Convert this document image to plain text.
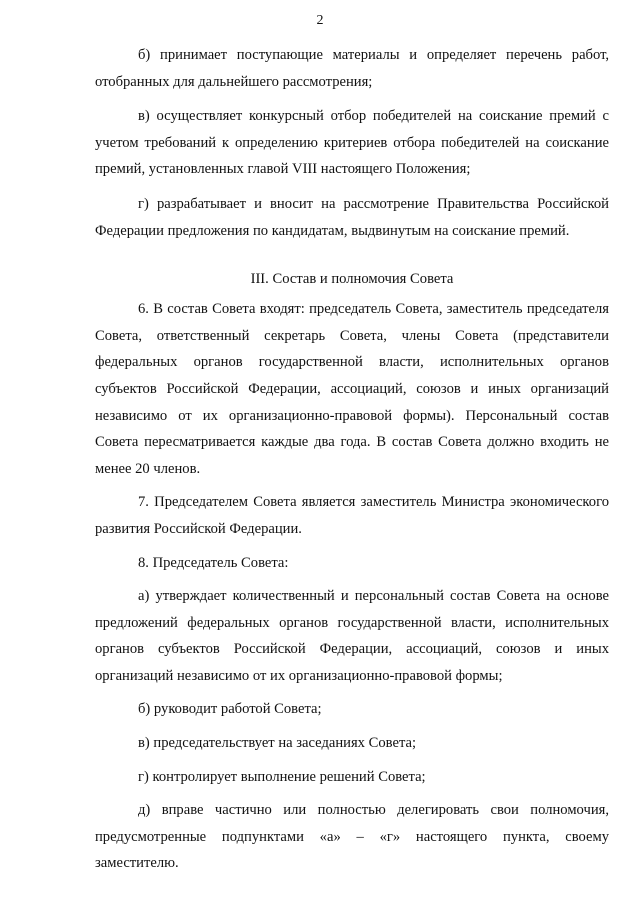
2

б) принимает поступающие материалы и определяет перечень работ, отобранных для дальнейшего рассмотрения;

в) осуществляет конкурсный отбор победителей на соискание премий с учетом требований к определению критериев отбора победителей на соискание премий, установленных главой VIII настоящего Положения;

г) разрабатывает и вносит на рассмотрение Правительства Российской Федерации предложения по кандидатам, выдвинутым на соискание премий.

III. Состав и полномочия Совета

6. В состав Совета входят: председатель Совета, заместитель председателя Совета, ответственный секретарь Совета, члены Совета (представители федеральных органов государственной власти, исполнительных органов субъектов Российской Федерации, ассоциаций, союзов и иных организаций независимо от их организационно-правовой формы). Персональный состав Совета пересматривается каждые два года. В состав Совета должно входить не менее 20 членов.

7. Председателем Совета является заместитель Министра экономического развития Российской Федерации.

8. Председатель Совета:

а) утверждает количественный и персональный состав Совета на основе предложений федеральных органов государственной власти, исполнительных органов субъектов Российской Федерации, ассоциаций, союзов и иных организаций независимо от их организационно-правовой формы;

б) руководит работой Совета;

в) председательствует на заседаниях Совета;

г) контролирует выполнение решений Совета;

д) вправе частично или полностью делегировать свои полномочия, предусмотренные подпунктами «а» – «г» настоящего пункта, своему заместителю.
